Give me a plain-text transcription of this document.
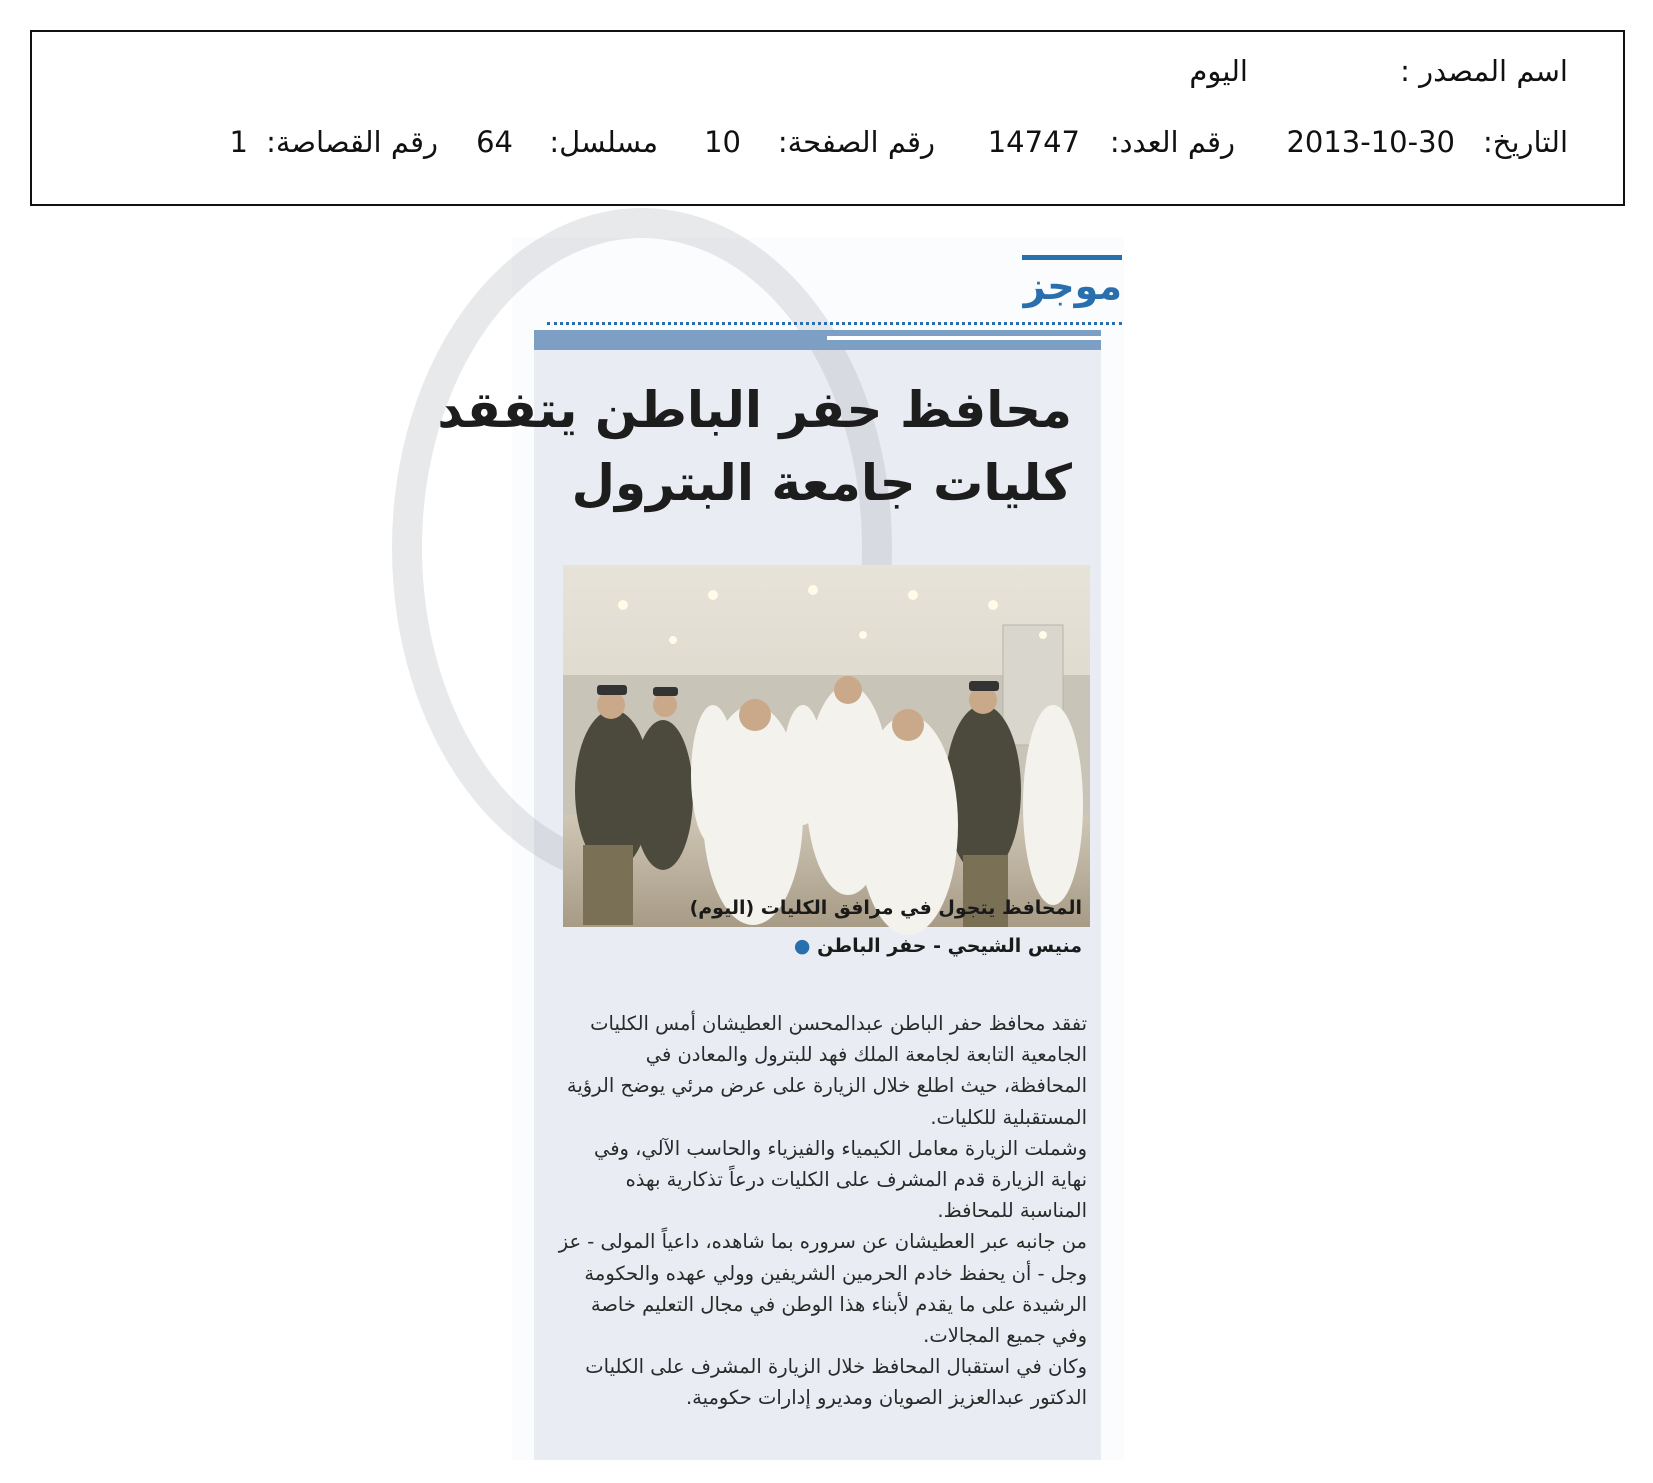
اسم المصدر :
اليوم
التاريخ:
2013-10-30
رقم العدد:
14747
رقم الصفحة:
10
مسلسل:
64
رقم القصاصة:
1
موجز
محافظ حفر الباطن يتفقد
كليات جامعة البترول
المحافظ يتجول في مرافق الكليات (اليوم)
منيس الشيحي - حفر الباطن ●
تفقد محافظ حفر الباطن عبدالمحسن العطيشان أمس الكليات الجامعية التابعة لجامعة الملك فهد للبترول والمعادن في المحافظة، حيث اطلع خلال الزيارة على عرض مرئي يوضح الرؤية المستقبلية للكليات.
وشملت الزيارة معامل الكيمياء والفيزياء والحاسب الآلي، وفي نهاية الزيارة قدم المشرف على الكليات درعاً تذكارية بهذه المناسبة للمحافظ.
من جانبه عبر العطيشان عن سروره بما شاهده، داعياً المولى - عز وجل - أن يحفظ خادم الحرمين الشريفين وولي عهده والحكومة الرشيدة على ما يقدم لأبناء هذا الوطن في مجال التعليم خاصة وفي جميع المجالات.
وكان في استقبال المحافظ خلال الزيارة المشرف على الكليات الدكتور عبدالعزيز الصويان ومديرو إدارات حكومية.
